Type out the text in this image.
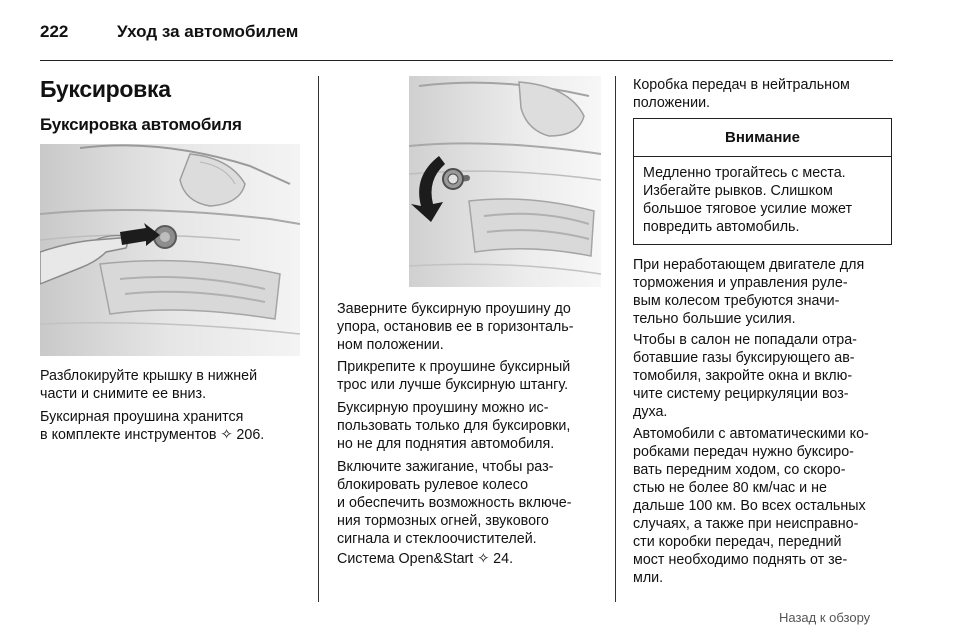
222	Уход за автомобилем
Буксировка
Буксировка автомобиля

Разблокируйте крышку в нижней
части и снимите ее вниз.

Буксирная проушина хранится
в комплекте инструментов ✧ 206.

Заверните буксирную проушину до
упора, остановив ее в горизонталь-
ном положении.

Прикрепите к проушине буксирный
трос или лучше буксирную штангу.

Буксирную проушину можно ис-
пользовать только для буксировки,
но не для поднятия автомобиля.

Включите зажигание, чтобы раз-
блокировать рулевое колесо
и обеспечить возможность включе-
ния тормозных огней, звукового
сигнала и стеклоочистителей.

Система Open&Start ✧ 24.

Коробка передач в нейтральном
положении.

Внимание
Медленно трогайтесь с места.
Избегайте рывков. Слишком
большое тяговое усилие может
повредить автомобиль.

При неработающем двигателе для
торможения и управления руле-
вым колесом требуются значи-
тельно большие усилия.

Чтобы в салон не попадали отра-
ботавшие газы буксирующего ав-
томобиля, закройте окна и вклю-
чите систему рециркуляции воз-
духа.

Автомобили с автоматическими ко-
робками передач нужно буксиро-
вать передним ходом, со скоро-
стью не более 80 км/час и не
дальше 100 км. Во всех остальных
случаях, а также при неисправно-
сти коробки передач, передний
мост необходимо поднять от зе-
мли.

Назад к обзору
